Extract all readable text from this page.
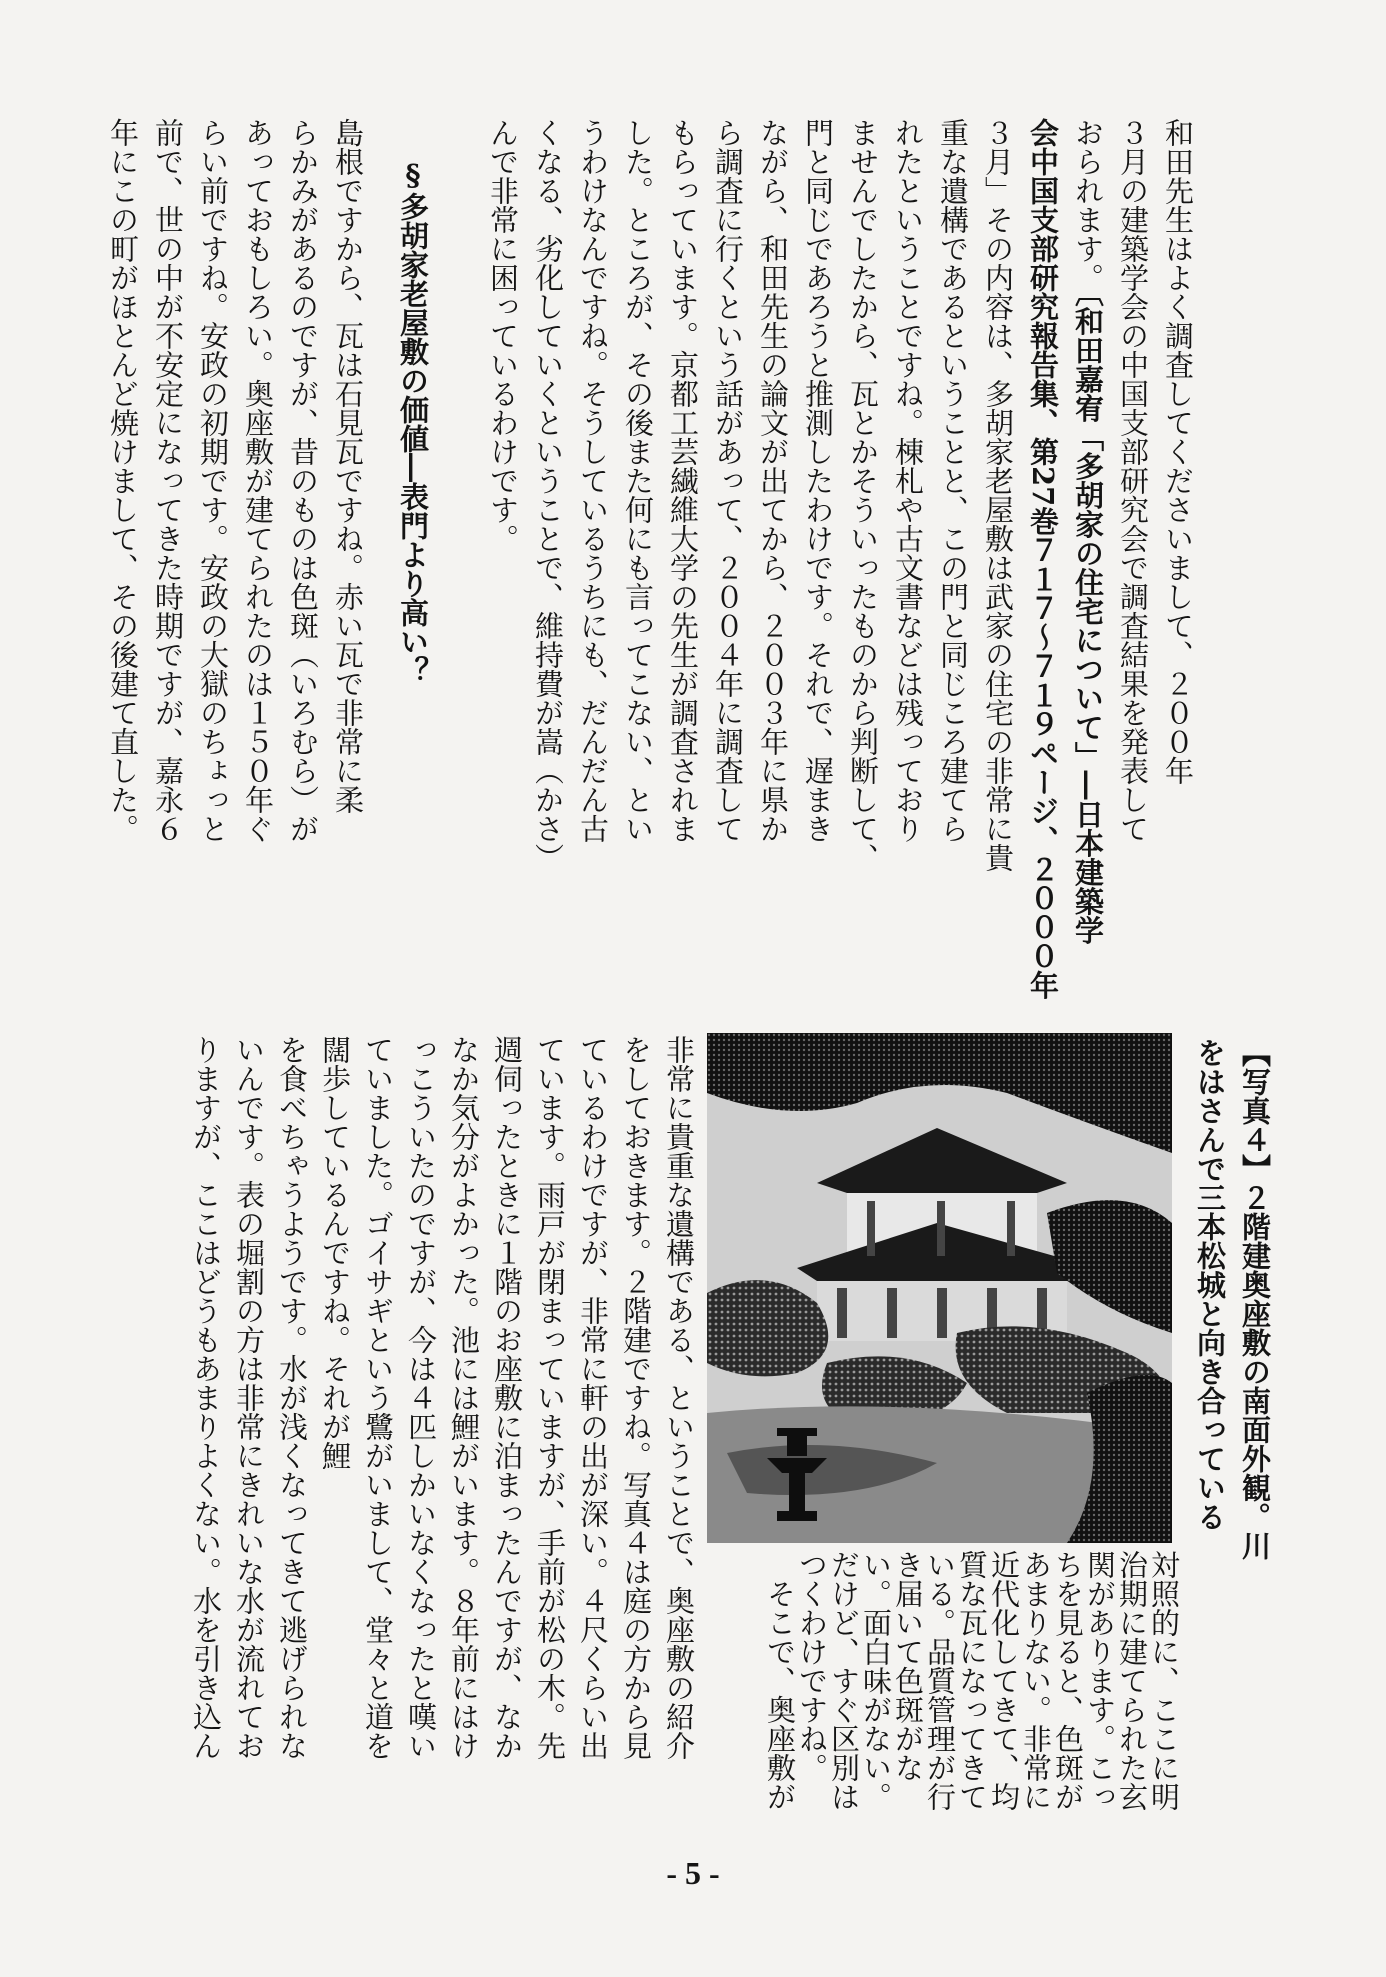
和田先生はよく調査してくださいまして、２００年
３月の建築学会の中国支部研究会で調査結果を発表して
おられます。〔和田嘉宥「多胡家の住宅について」―日本建築学
会中国支部研究報告集、第27巻７１７～７１９ページ、２０００年
３月」その内容は、多胡家老屋敷は武家の住宅の非常に貴
重な遺構であるということと、この門と同じころ建てら
れたということですね。棟札や古文書などは残っており
ませんでしたから、瓦とかそういったものから判断して、
門と同じであろうと推測したわけです。それで、遅まき
ながら、和田先生の論文が出てから、２００３年に県か
ら調査に行くという話があって、２００４年に調査して
もらっています。京都工芸繊維大学の先生が調査されま
した。ところが、その後また何にも言ってこない、とい
うわけなんですね。そうしているうちにも、だんだん古
くなる、劣化していくということで、維持費が嵩（かさ）
んで非常に困っているわけです。
§多胡家老屋敷の価値―表門より高い？
島根ですから、瓦は石見瓦ですね。赤い瓦で非常に柔
らかみがあるのですが、昔のものは色斑（いろむら）が
あっておもしろい。奥座敷が建てられたのは１５０年ぐ
らい前ですね。安政の初期です。安政の大獄のちょっと
前で、世の中が不安定になってきた時期ですが、嘉永６
年にこの町がほとんど焼けまして、その後建て直した。
【写真４】２階建奥座敷の南面外観。川
をはさんで三本松城と向き合っている
対照的に、ここに明
治期に建てられた玄
関があります。こっ
ちを見ると、色斑が
あまりない。非常に
近代化してきて、均
質な瓦になってきて
いる。品質管理が行
き届いて色斑がな
い。面白味がない。
だけど、すぐ区別は
つくわけですね。
　そこで、奥座敷が
非常に貴重な遺構である、ということで、奥座敷の紹介
をしておきます。２階建ですね。写真４は庭の方から見
ているわけですが、非常に軒の出が深い。４尺くらい出
ています。雨戸が閉まっていますが、手前が松の木。先
週伺ったときに１階のお座敷に泊まったんですが、なか
なか気分がよかった。池には鯉がいます。８年前にはけ
っこういたのですが、今は４匹しかいなくなったと嘆い
ていました。ゴイサギという鷺がいまして、堂々と道を
闊歩しているんですね。それが鯉
を食べちゃうようです。水が浅くなってきて逃げられな
いんです。表の堀割の方は非常にきれいな水が流れてお
りますが、ここはどうもあまりよくない。水を引き込ん
- 5 -
